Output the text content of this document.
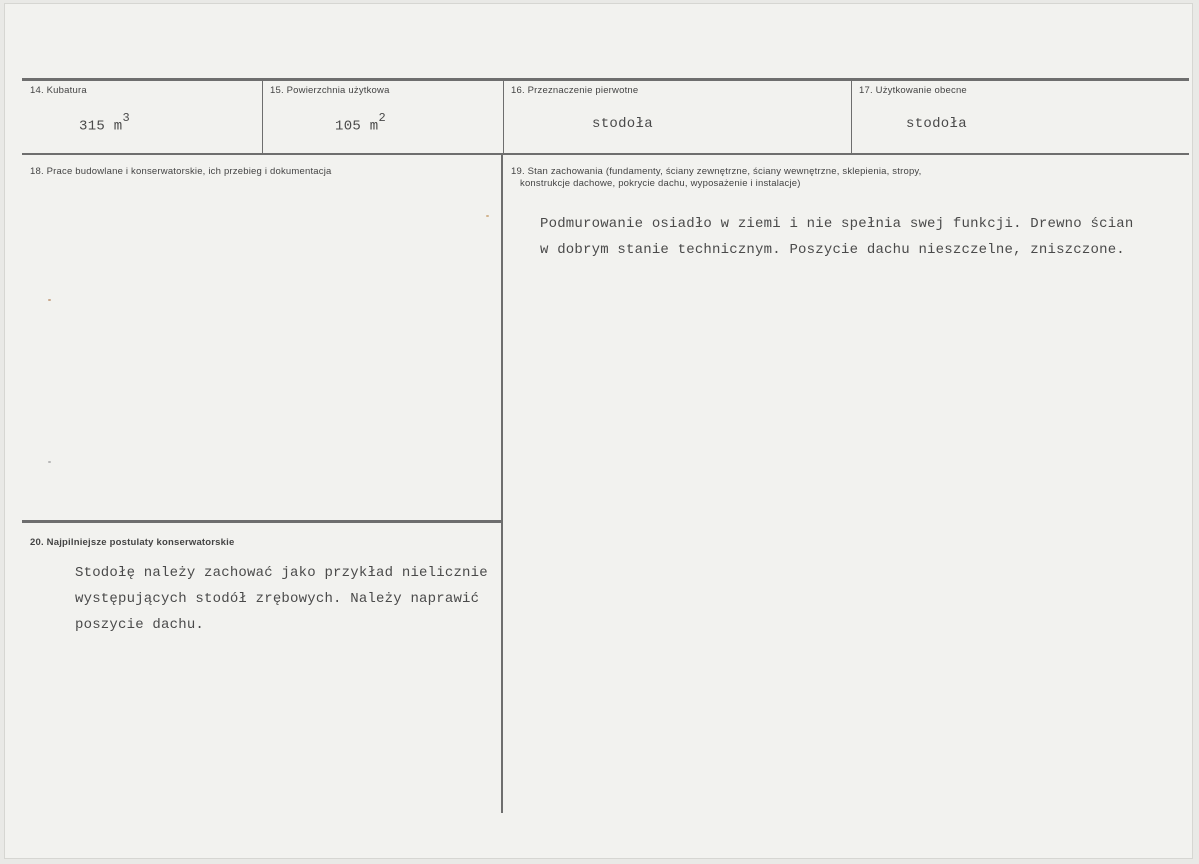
14. Kubatura
315 $m^3$
15. Powierzchnia użytkowa
105 $m^2$
16. Przeznaczenie pierwotne
stodoła
17. Użytkowanie obecne
stodoła
18. Prace budowlane i konserwatorskie, ich przebieg i dokumentacja	19. Stan zachowania (fundamenty, ściany zewnętrzne, ściany wewnętrzne, sklepienia, stropy,
konstrukcje dachowe, pokrycie dachu, wyposażenie i instalacje)
Podmurowanie osiadło w ziemi i nie spełnia swej funkcji. Drewno ścian
w dobrym stanie technicznym. Poszycie dachu nieszczelne, zniszczone.
20. Najpilniejsze postulaty konserwatorskie
Stodołę należy zachować jako przykład nielicznie
występujących stodół zrębowych. Należy naprawić
poszycie dachu.
